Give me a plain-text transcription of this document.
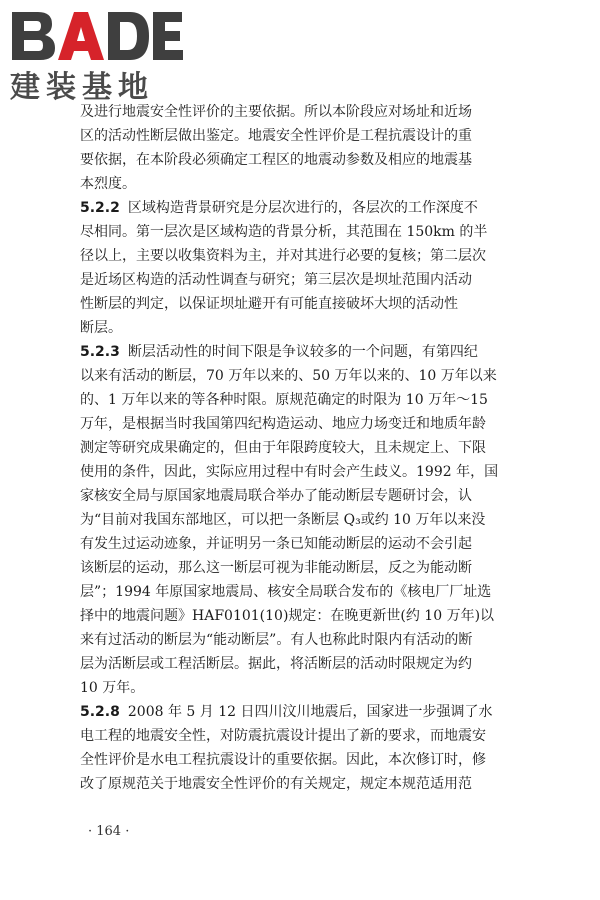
建装基地

及进行地震安全性评价的主要依据。所以本阶段应对场址和近场
区的活动性断层做出鉴定。地震安全性评价是工程抗震设计的重
要依据，在本阶段必须确定工程区的地震动参数及相应的地震基
本烈度。

5.2.2 区域构造背景研究是分层次进行的，各层次的工作深度不
尽相同。第一层次是区域构造的背景分析，其范围在 150km 的半
径以上，主要以收集资料为主，并对其进行必要的复核；第二层次
是近场区构造的活动性调查与研究；第三层次是坝址范围内活动
性断层的判定，以保证坝址避开有可能直接破坏大坝的活动性
断层。

5.2.3 断层活动性的时间下限是争议较多的一个问题，有第四纪
以来有活动的断层，70 万年以来的、50 万年以来的、10 万年以来
的、1 万年以来的等各种时限。原规范确定的时限为 10 万年～15
万年，是根据当时我国第四纪构造运动、地应力场变迁和地质年龄
测定等研究成果确定的，但由于年限跨度较大，且未规定上、下限
使用的条件，因此，实际应用过程中有时会产生歧义。1992 年，国
家核安全局与原国家地震局联合举办了能动断层专题研讨会，认
为“目前对我国东部地区，可以把一条断层 Q₃或约 10 万年以来没
有发生过运动迹象，并证明另一条已知能动断层的运动不会引起
该断层的运动，那么这一断层可视为非能动断层，反之为能动断
层”；1994 年原国家地震局、核安全局联合发布的《核电厂厂址选
择中的地震问题》HAF0101(10)规定：在晚更新世(约 10 万年)以
来有过活动的断层为“能动断层”。有人也称此时限内有活动的断
层为活断层或工程活断层。据此，将活断层的活动时限规定为约
10 万年。

5.2.8 2008 年 5 月 12 日四川汶川地震后，国家进一步强调了水
电工程的地震安全性，对防震抗震设计提出了新的要求，而地震安
全性评价是水电工程抗震设计的重要依据。因此，本次修订时，修
改了原规范关于地震安全性评价的有关规定，规定本规范适用范

· 164 ·
